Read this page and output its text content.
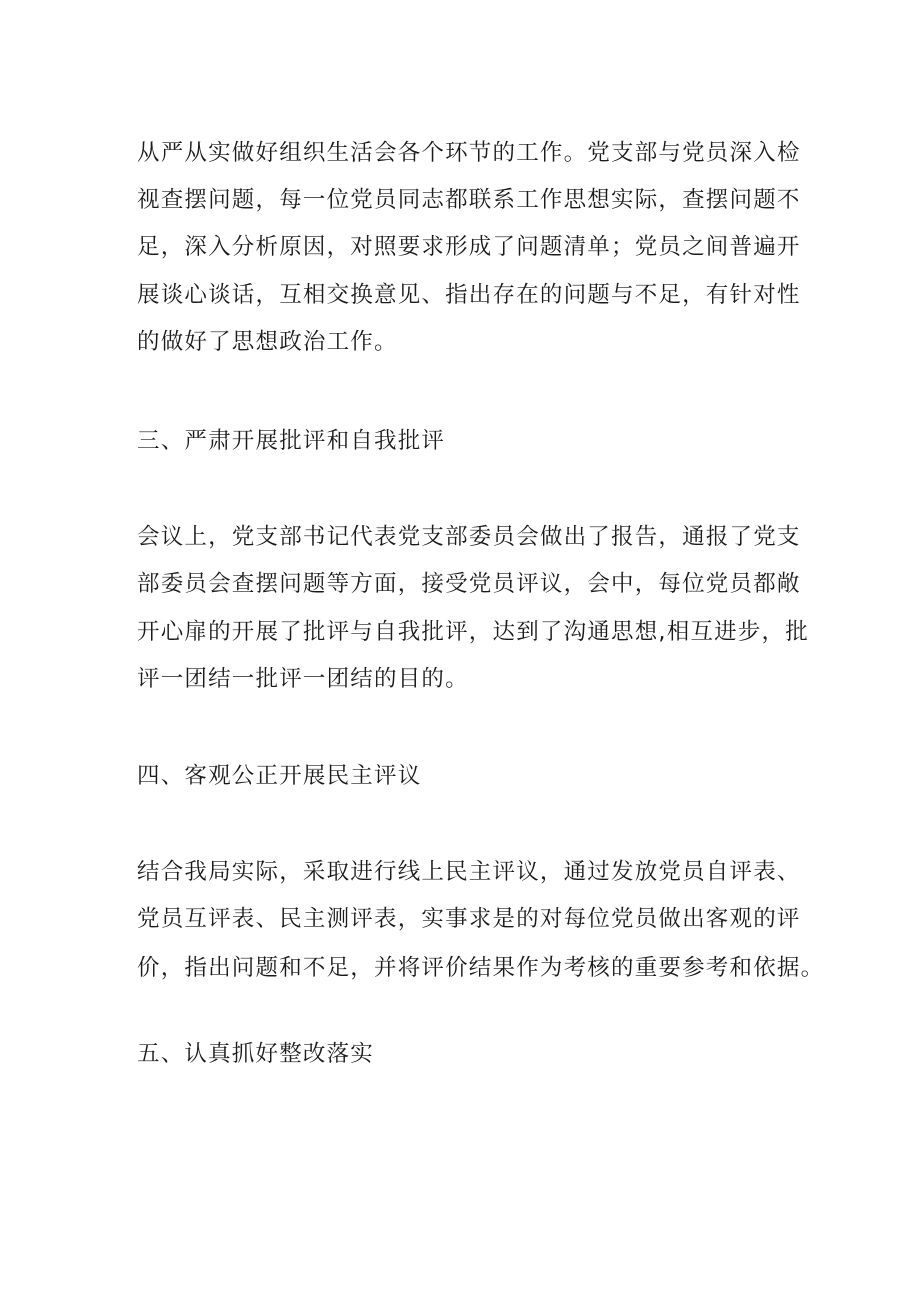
从严从实做好组织生活会各个环节的工作。党支部与党员深入检
视查摆问题，每一位党员同志都联系工作思想实际，查摆问题不
足，深入分析原因，对照要求形成了问题清单；党员之间普遍开
展谈心谈话，互相交换意见、指出存在的问题与不足，有针对性
的做好了思想政治工作。
三、严肃开展批评和自我批评
会议上，党支部书记代表党支部委员会做出了报告，通报了党支
部委员会查摆问题等方面，接受党员评议，会中，每位党员都敞
开心扉的开展了批评与自我批评，达到了沟通思想,相互进步，批
评一团结一批评一团结的目的。
四、客观公正开展民主评议
结合我局实际，采取进行线上民主评议，通过发放党员自评表、
党员互评表、民主测评表，实事求是的对每位党员做出客观的评
价，指出问题和不足，并将评价结果作为考核的重要参考和依据。
五、认真抓好整改落实
